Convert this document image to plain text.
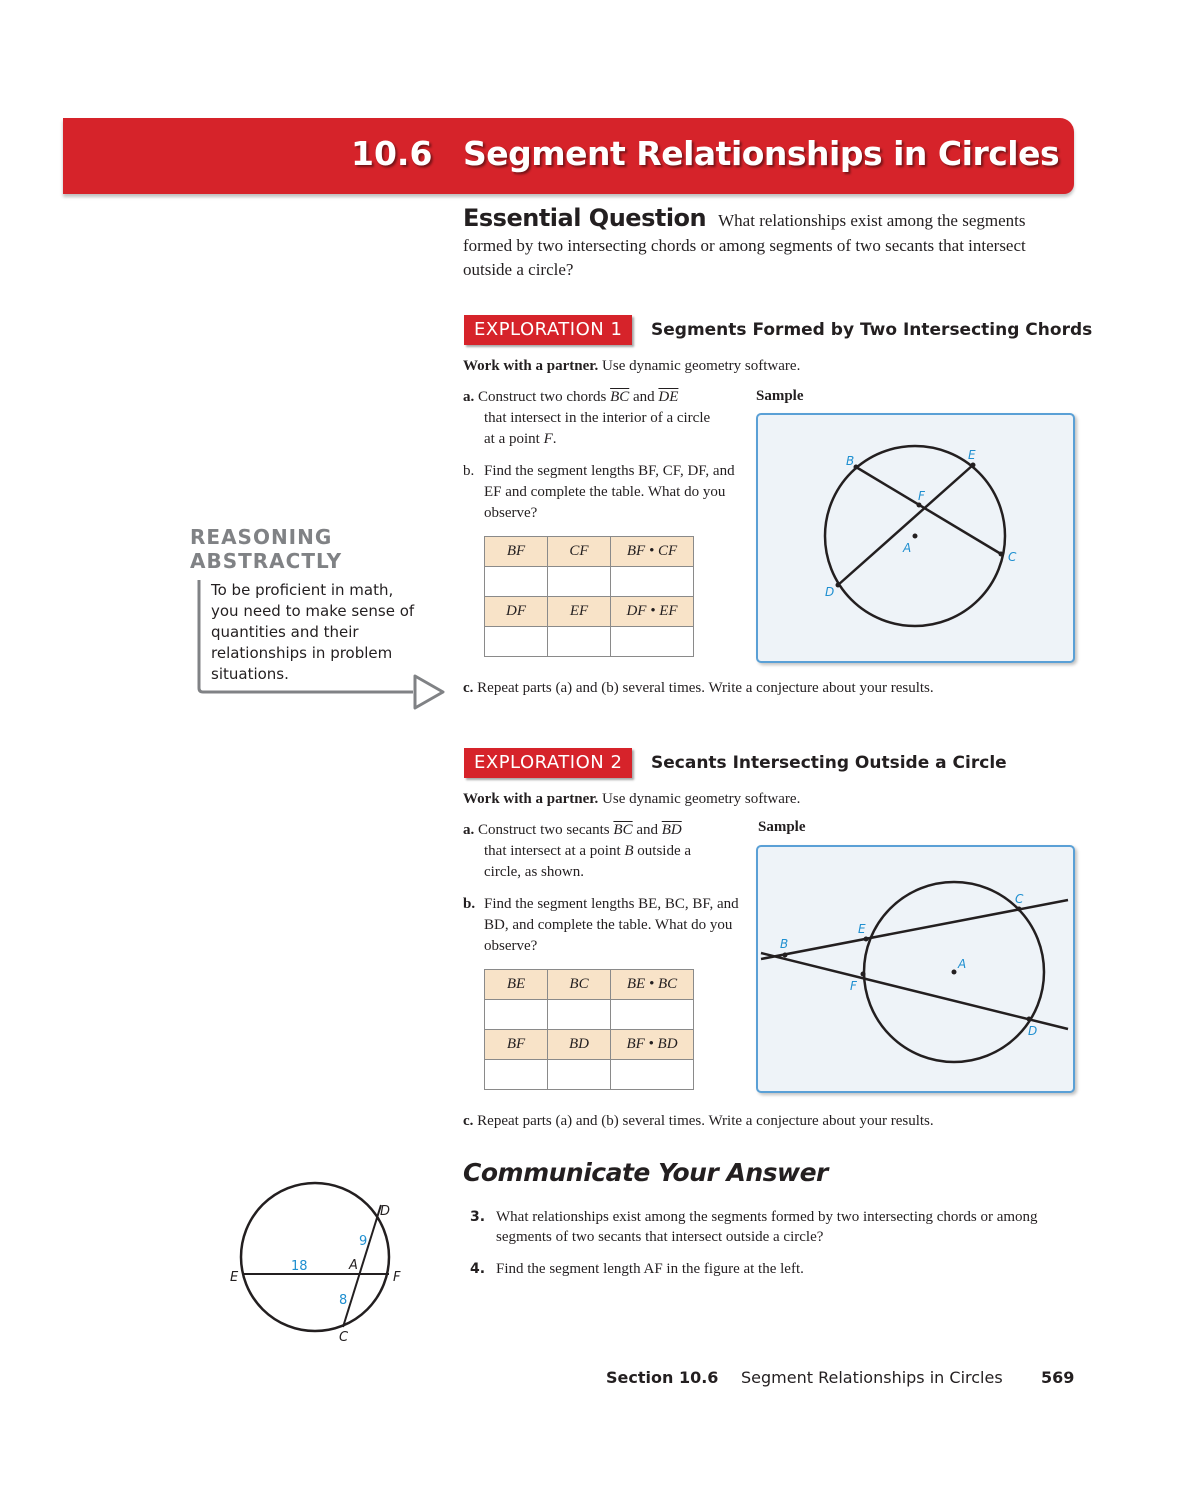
10.6 Segment Relationships in Circles
Essential Question What relationships exist among the segments formed by two intersecting chords or among segments of two secants that intersect outside a circle?
EXPLORATION 1	Segments Formed by Two Intersecting Chords
Work with a partner. Use dynamic geometry software.
a. Construct two chords $\overline{BC}$ and $\overline{DE}$
that intersect in the interior of a circle at a point F.
b. Find the segment lengths BF, CF, DF, and EF and complete the table. What do you observe?
BF	CF	BF • CF

DF	EF	DF • EF

Sample
B	E
F
A
C
D
c. Repeat parts (a) and (b) several times. Write a conjecture about your results.
EXPLORATION 2	Secants Intersecting Outside a Circle
Work with a partner. Use dynamic geometry software.
a. Construct two secants $\overline{BC}$ and $\overline{BD}$
that intersect at a point B outside a circle, as shown.
b. Find the segment lengths BE, BC, BF, and BD, and complete the table. What do you observe?
BE	BC	BE • BC

BF	BD	BF • BD

Sample
C
E
B
A
F
D
c. Repeat parts (a) and (b) several times. Write a conjecture about your results.
REASONING
ABSTRACTLY
To be proficient in math, you need to make sense of quantities and their relationships in problem situations.
Communicate Your Answer
3. What relationships exist among the segments formed by two intersecting chords or among segments of two secants that intersect outside a circle?
4. Find the segment length AF in the figure at the left.
D
E
A
F
C
9
18
8
Section 10.6 Segment Relationships in Circles 569
